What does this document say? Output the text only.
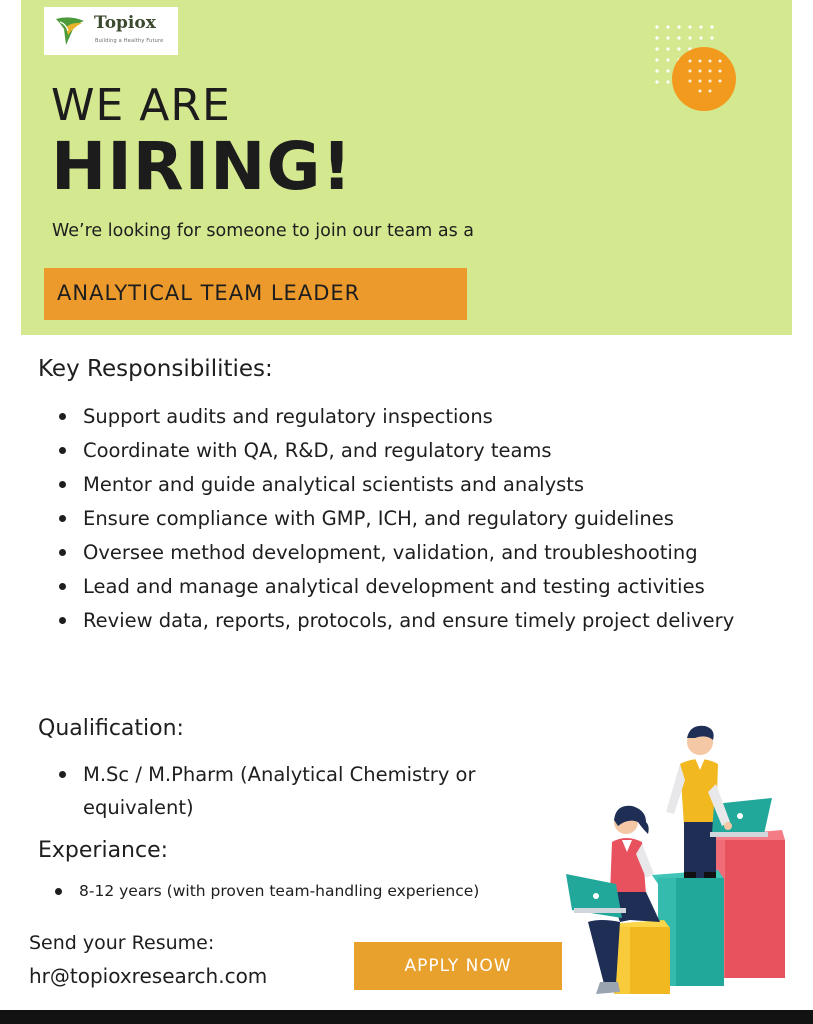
Topiox
Building a Healthy Future
WE ARE
HIRING!
We’re looking for someone to join our team as a
ANALYTICAL TEAM LEADER
Key Responsibilities:
Support audits and regulatory inspections
Coordinate with QA, R&D, and regulatory teams
Mentor and guide analytical scientists and analysts
Ensure compliance with GMP, ICH, and regulatory guidelines
Oversee method development, validation, and troubleshooting
Lead and manage analytical development and testing activities
Review data, reports, protocols, and ensure timely project delivery
Qualification:
M.Sc / M.Pharm (Analytical Chemistry or equivalent)
Experiance:
8-12 years (with proven team-handling experience)
Send your Resume:
hr@topioxresearch.com	APPLY NOW
